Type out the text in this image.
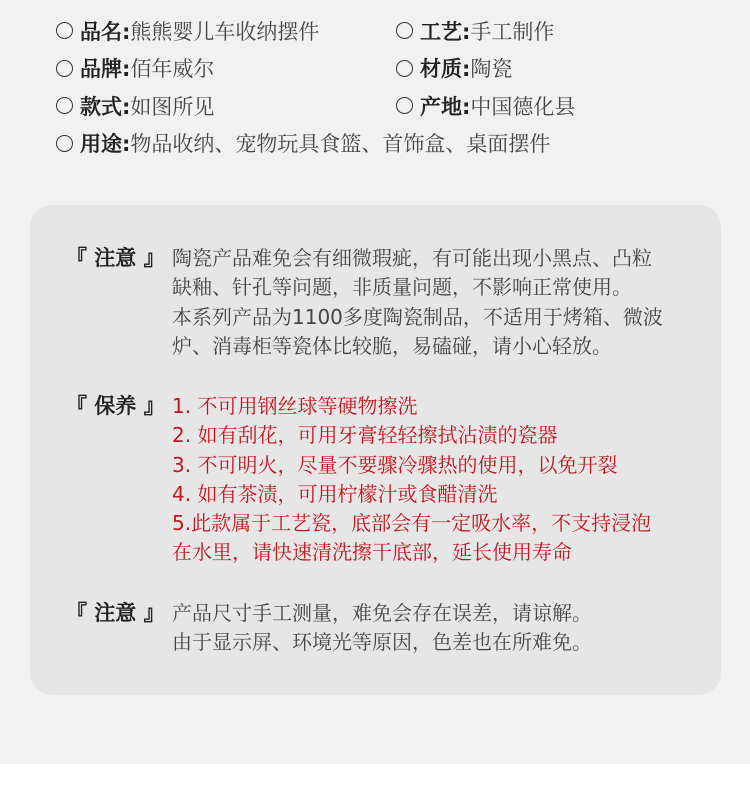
品名: 熊熊婴儿车收纳摆件	工艺: 手工制作
品牌: 佰年威尔	材质: 陶瓷
款式: 如图所见	产地: 中国德化县
用途: 物品收纳、宠物玩具食篮、首饰盒、桌面摆件
『 注意 』 陶瓷产品难免会有细微瑕疵，有可能出现小黑点、凸粒
缺釉、针孔等问题，非质量问题，不影响正常使用。
本系列产品为1100多度陶瓷制品，不适用于烤箱、微波
炉、消毒柜等瓷体比较脆，易磕碰，请小心轻放。
『 保养 』 1. 不可用钢丝球等硬物擦洗
2. 如有刮花，可用牙膏轻轻擦拭沾渍的瓷器
3. 不可明火，尽量不要骤冷骤热的使用，以免开裂
4. 如有茶渍，可用柠檬汁或食醋清洗
5.此款属于工艺瓷，底部会有一定吸水率，不支持浸泡
在水里，请快速清洗擦干底部，延长使用寿命
『 注意 』 产品尺寸手工测量，难免会存在误差，请谅解。
由于显示屏、环境光等原因，色差也在所难免。
